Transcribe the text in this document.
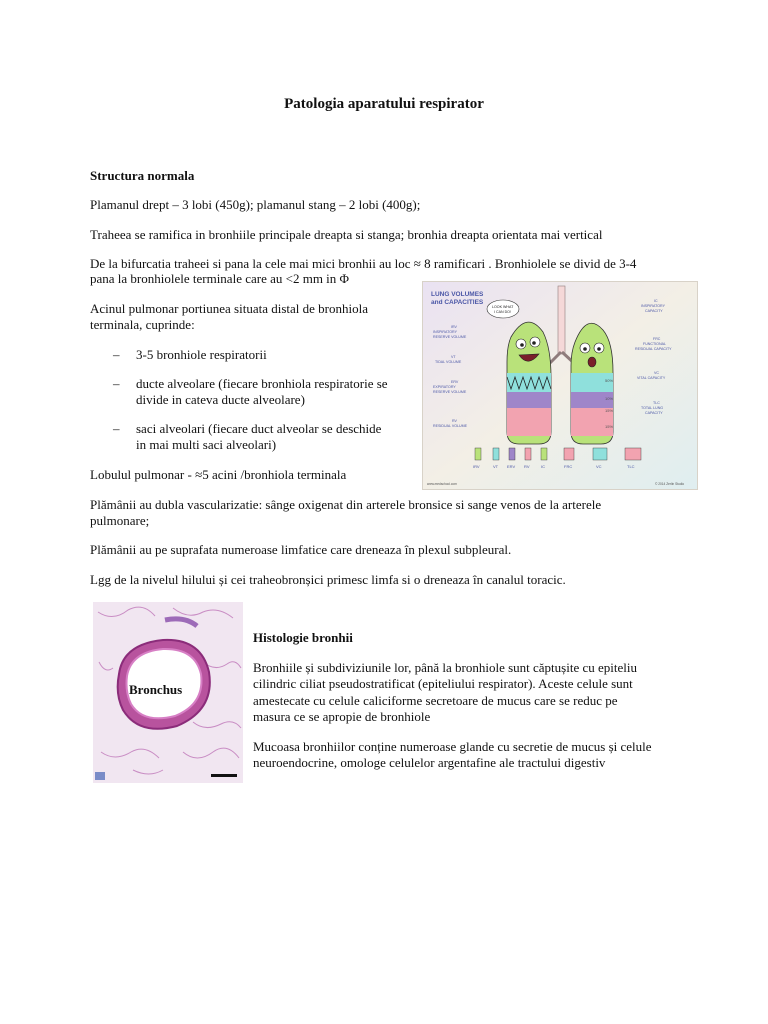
Patologia aparatului respirator
Structura normala
Plamanul drept – 3 lobi (450g); plamanul stang – 2 lobi (400g);
Traheea se ramifica in bronhiile principale dreapta si stanga; bronhia dreapta orientata mai vertical
De la bifurcatia traheei si pana la cele mai mici bronhii au loc ≈ 8 ramificari . Bronhiolele se divid de 3-4
pana la bronhiolele terminale care au <2 mm in Φ
Acinul pulmonar portiunea situata distal de bronhiola
terminala, cuprinde:
– 3-5 bronhiole respiratorii
– ducte alveolare (fiecare bronhiola respiratorie se
divide in cateva ducte alveolare)
– saci alveolari (fiecare duct alveolar se deschide
in mai multi saci alveolari)
Lobulul pulmonar - ≈5 acini /bronhiola terminala
Plămânii au dubla vascularizatie: sânge oxigenat din arterele bronsice si sange venos de la arterele
pulmonare;
Plămânii au pe suprafata numeroase limfatice care dreneaza în plexul subpleural.
Lgg de la nivelul hilului și cei traheobronșici primesc limfa si o dreneaza în canalul toracic.
LUNG VOLUMES
and CAPACITIES
50%
10%
15%
15%
LOOK WHAT
I CAN DO!
IRV
INSPIRATORY
RESERVE VOLUME
VT
TIDAL VOLUME
ERV
EXPIRATORY
RESERVE VOLUME
RV
RESIDUAL VOLUME
IC
INSPIRATORY
CAPACITY
FRC
FUNCTIONAL
RESIDUAL CAPACITY
VC
VITAL CAPACITY
TLC
TOTAL LUNG
CAPACITY
IRV	VT ERV RV	IC	FRC	VC	TLC
www.medschool.com	© 2014 Zerlin Studio
Bronchus
Histologie bronhii
Bronhiile și subdiviziunile lor, până la bronhiole sunt căptușite cu epiteliu
cilindric ciliat pseudostratificat (epiteliului respirator). Aceste celule sunt
amestecate cu celule caliciforme secretoare de mucus care se reduc pe
masura ce se apropie de bronhiole
Mucoasa bronhiilor conține numeroase glande cu secretie de mucus și celule
neuroendocrine, omologe celulelor argentafine ale tractului digestiv
